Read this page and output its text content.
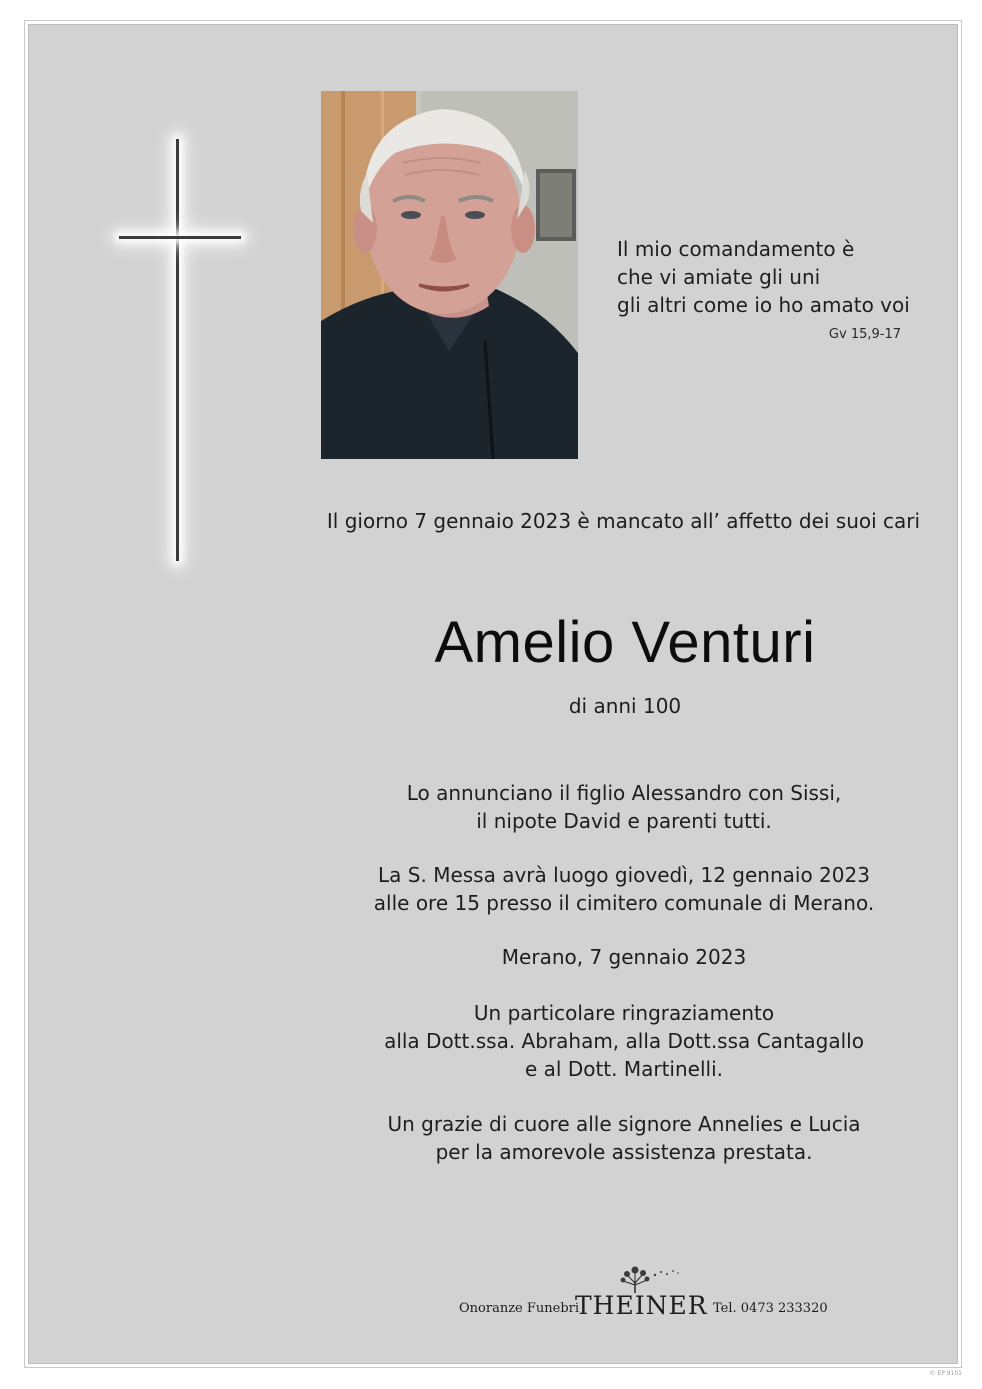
Il mio comandamento è
che vi amiate gli uni
gli altri come io ho amato voi
Gv 15,9-17
Il giorno 7 gennaio 2023 è mancato all’ affetto dei suoi cari
Amelio Venturi
di anni 100
Lo annunciano il figlio Alessandro con Sissi,
il nipote David e parenti tutti.
La S. Messa avrà luogo giovedì, 12 gennaio 2023
alle ore 15 presso il cimitero comunale di Merano.
Merano, 7 gennaio 2023
Un particolare ringraziamento
alla Dott.ssa. Abraham, alla Dott.ssa Cantagallo
e al Dott. Martinelli.
Un grazie di cuore alle signore Annelies e Lucia
per la amorevole assistenza prestata.
Onoranze Funebri
THEINER Tel. 0473 233320
© EP 9101
